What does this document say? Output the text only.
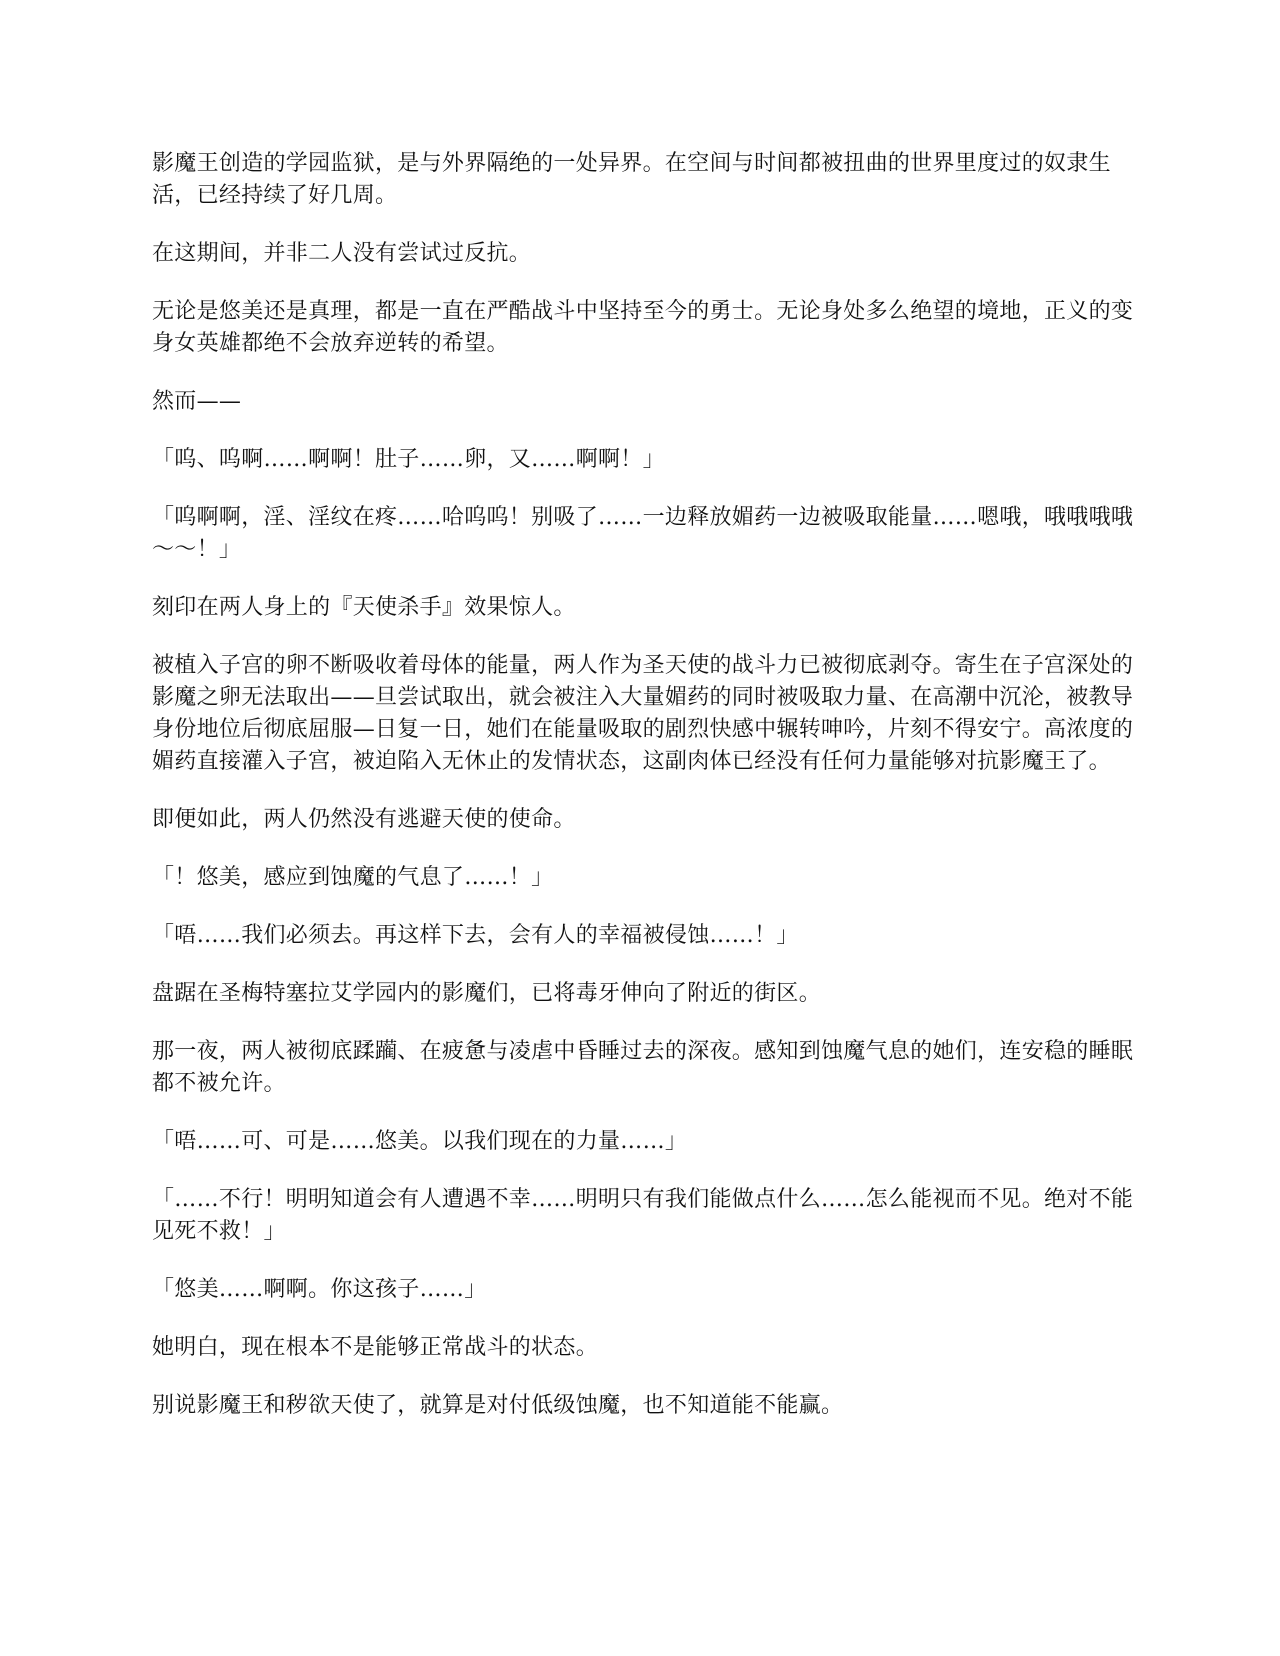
影魔王创造的学园监狱，是与外界隔绝的一处异界。在空间与时间都被扭曲的世界里度过的奴隶生活，已经持续了好几周。

在这期间，并非二人没有尝试过反抗。

无论是悠美还是真理，都是一直在严酷战斗中坚持至今的勇士。无论身处多么绝望的境地，正义的变身女英雄都绝不会放弃逆转的希望。

然而——

「呜、呜啊……啊啊！肚子……卵，又……啊啊！」

「呜啊啊，淫、淫纹在疼……哈呜呜！别吸了……一边释放媚药一边被吸取能量……嗯哦，哦哦哦哦～～！」

刻印在两人身上的『天使杀手』效果惊人。

被植入子宫的卵不断吸收着母体的能量，两人作为圣天使的战斗力已被彻底剥夺。寄生在子宫深处的影魔之卵无法取出——旦尝试取出，就会被注入大量媚药的同时被吸取力量、在高潮中沉沦，被教导身份地位后彻底屈服—日复一日，她们在能量吸取的剧烈快感中辗转呻吟，片刻不得安宁。高浓度的媚药直接灌入子宫，被迫陷入无休止的发情状态，这副肉体已经没有任何力量能够对抗影魔王了。

即便如此，两人仍然没有逃避天使的使命。

「！悠美，感应到蚀魔的气息了……！」

「唔……我们必须去。再这样下去，会有人的幸福被侵蚀……！」

盘踞在圣梅特塞拉艾学园内的影魔们，已将毒牙伸向了附近的街区。

那一夜，两人被彻底蹂躏、在疲惫与凌虐中昏睡过去的深夜。感知到蚀魔气息的她们，连安稳的睡眠都不被允许。

「唔……可、可是……悠美。以我们现在的力量……」

「……不行！明明知道会有人遭遇不幸……明明只有我们能做点什么……怎么能视而不见。绝对不能见死不救！」

「悠美……啊啊。你这孩子……」

她明白，现在根本不是能够正常战斗的状态。

别说影魔王和秽欲天使了，就算是对付低级蚀魔，也不知道能不能赢。
